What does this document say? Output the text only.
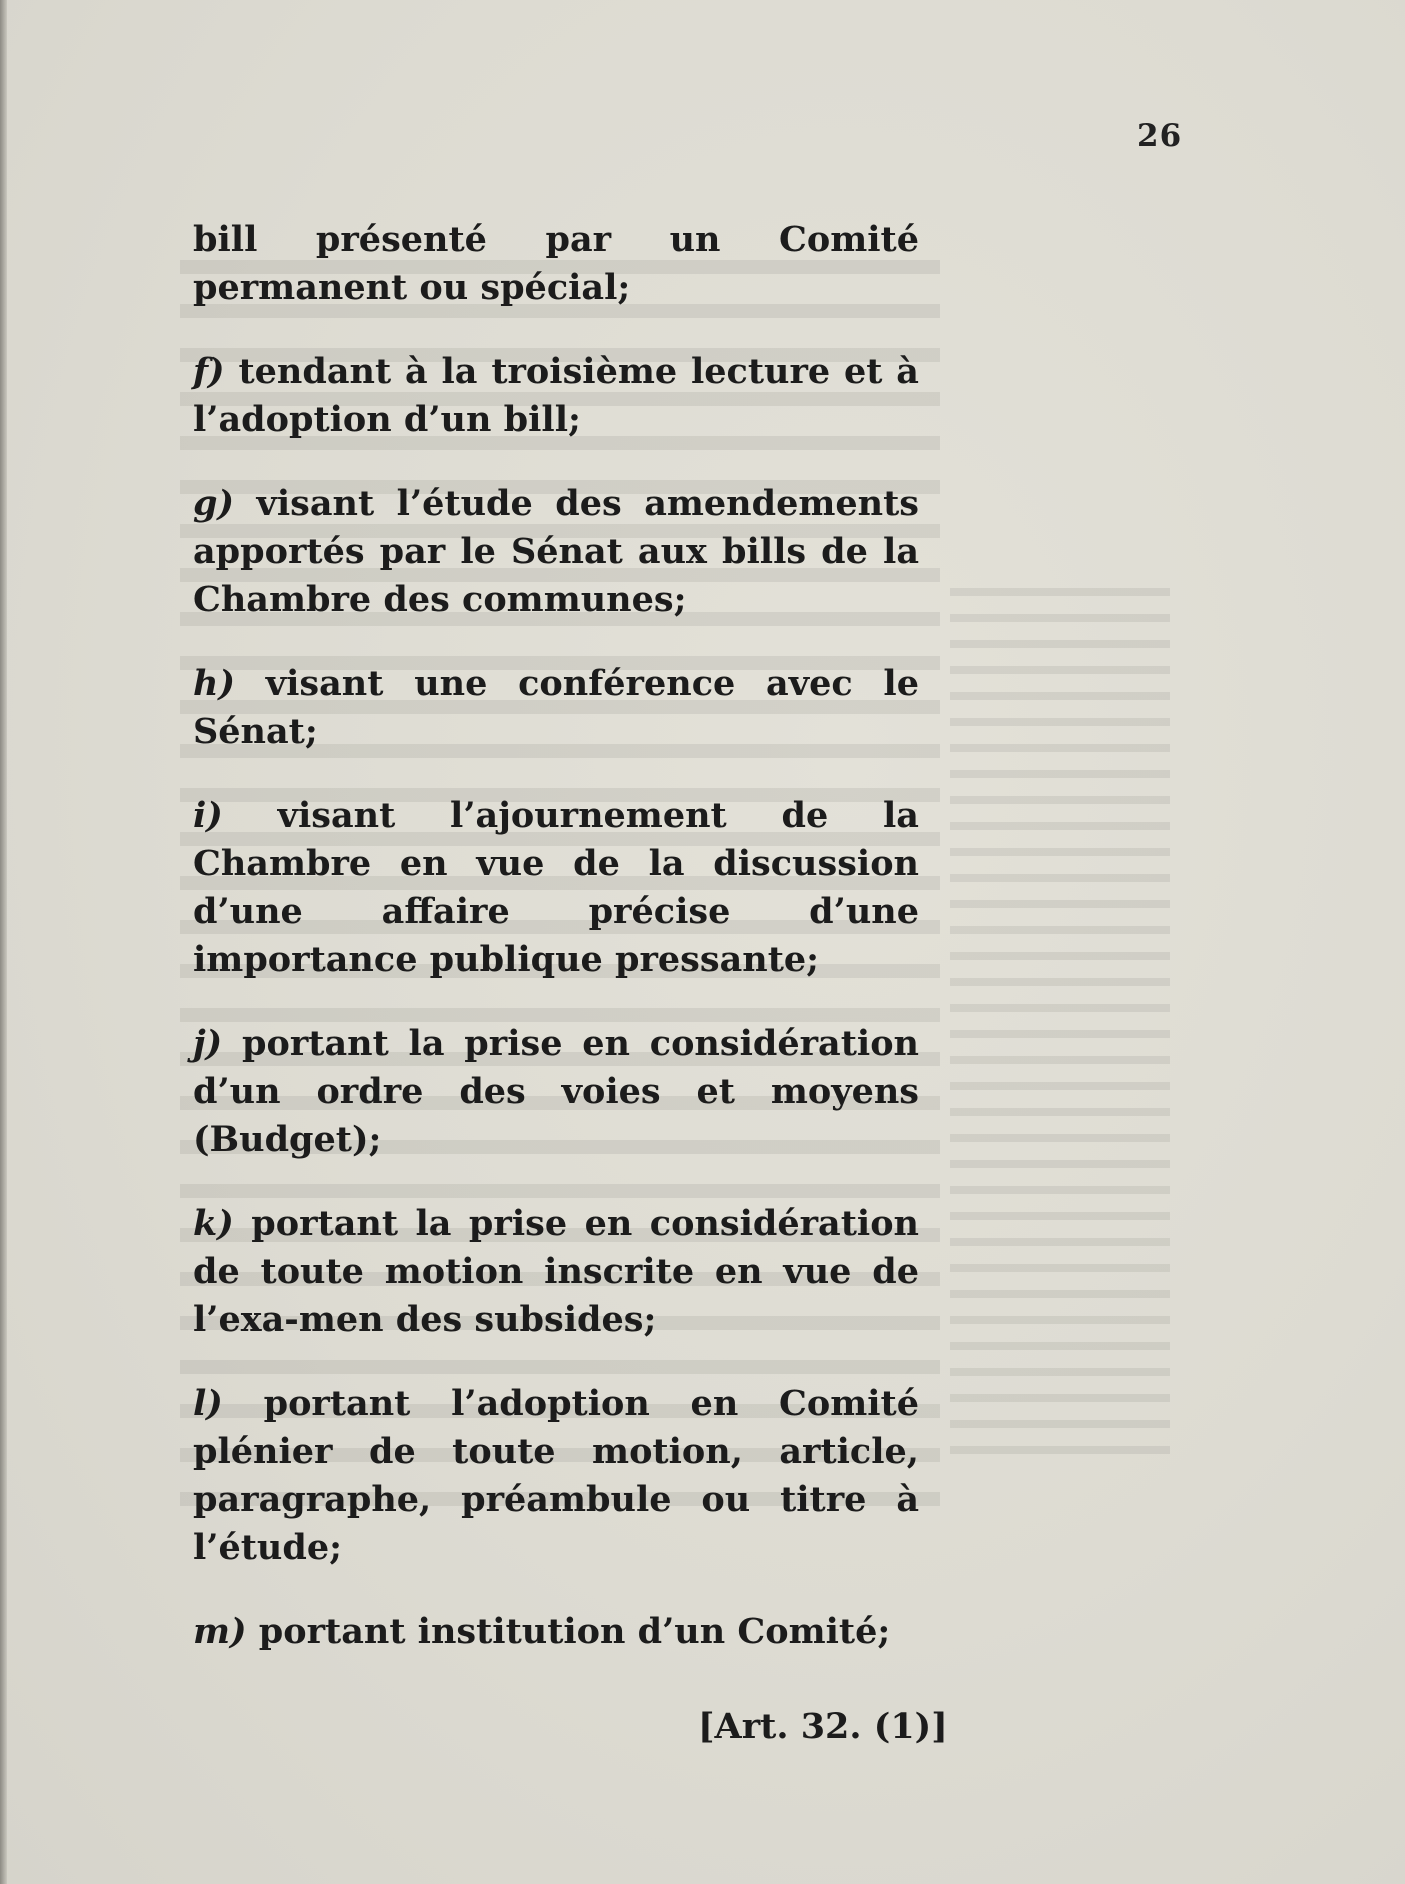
26

bill présenté par un Comité permanent ou spécial;

f) tendant à la troisième lecture et à l’adoption d’un bill;

g) visant l’étude des amendements apportés par le Sénat aux bills de la Chambre des communes;

h) visant une conférence avec le Sénat;

i) visant l’ajournement de la Chambre en vue de la discussion d’une affaire précise d’une importance publique pressante;

j) portant la prise en considération d’un ordre des voies et moyens (Budget);

k) portant la prise en considération de toute motion inscrite en vue de l’exa-men des subsides;

l) portant l’adoption en Comité plénier de toute motion, article, paragraphe, préambule ou titre à l’étude;

m) portant institution d’un Comité;

[Art. 32. (1)]
